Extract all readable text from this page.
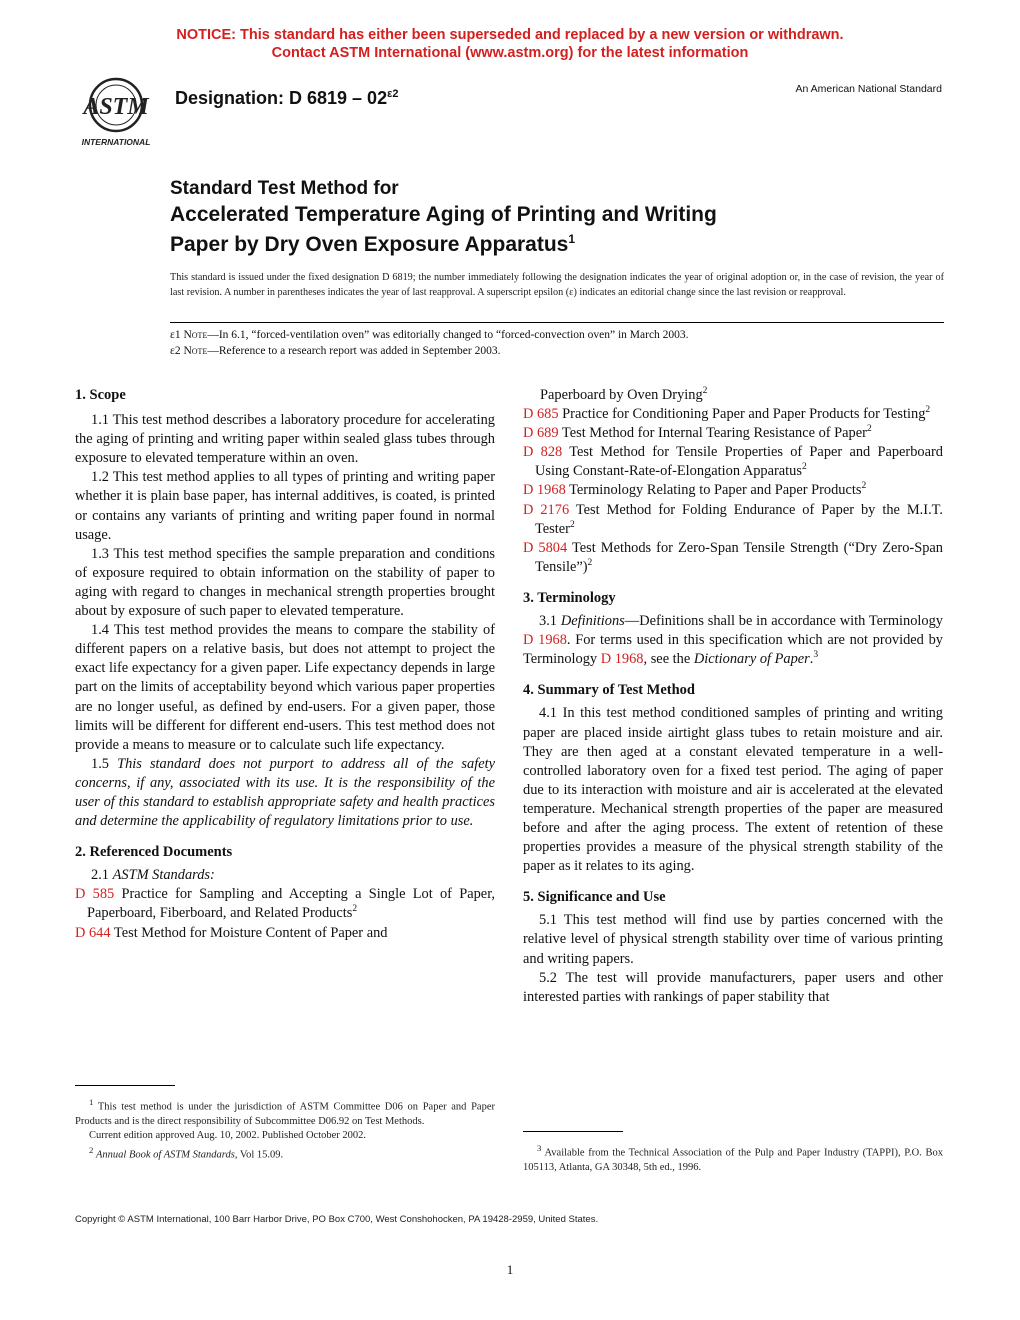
NOTICE: This standard has either been superseded and replaced by a new version or withdrawn.
Contact ASTM International (www.astm.org) for the latest information
ASTM
INTERNATIONAL
Designation: D $6819 - 02^{\varepsilon 2}$	An American National Standard
Standard Test Method for
Accelerated Temperature Aging of Printing and Writing
Paper by Dry Oven Exposure Apparatus$^1$
This standard is issued under the fixed designation D 6819; the number immediately following the designation indicates the year of original adoption or, in the case of revision, the year of last revision. A number in parentheses indicates the year of last reapproval. A superscript epsilon (ε) indicates an editorial change since the last revision or reapproval.
ε1 Note—In 6.1, “forced-ventilation oven” was editorially changed to “forced-convection oven” in March 2003.
ε2 Note—Reference to a research report was added in September 2003.
1. Scope

1.1 This test method describes a laboratory procedure for accelerating the aging of printing and writing paper within sealed glass tubes through exposure to elevated temperature within an oven.

1.2 This test method applies to all types of printing and writing paper whether it is plain base paper, has internal additives, is coated, is printed or contains any variants of printing and writing paper found in normal usage.

1.3 This test method specifies the sample preparation and conditions of exposure required to obtain information on the stability of paper to aging with regard to changes in mechanical strength properties brought about by exposure of such paper to elevated temperature.

1.4 This test method provides the means to compare the stability of different papers on a relative basis, but does not attempt to project the exact life expectancy for a given paper. Life expectancy depends in large part on the limits of acceptability beyond which various paper properties are no longer useful, as defined by end-users. For a given paper, those limits will be different for different end-users. This test method does not provide a means to measure or to calculate such life expectancy.

1.5 This standard does not purport to address all of the safety concerns, if any, associated with its use. It is the responsibility of the user of this standard to establish appropriate safety and health practices and determine the applicability of regulatory limitations prior to use.

2. Referenced Documents

2.1 ASTM Standards:

D 585 Practice for Sampling and Accepting a Single Lot of Paper, Paperboard, Fiberboard, and Related Products$^2$

D 644 Test Method for Moisture Content of Paper and

Paperboard by Oven Drying$^2$

D 685 Practice for Conditioning Paper and Paper Products for Testing$^2$

D 689 Test Method for Internal Tearing Resistance of Paper$^2$

D 828 Test Method for Tensile Properties of Paper and Paperboard Using Constant-Rate-of-Elongation Apparatus$^2$

D 1968 Terminology Relating to Paper and Paper Products$^2$

D 2176 Test Method for Folding Endurance of Paper by the M.I.T. Tester$^2$

D 5804 Test Methods for Zero-Span Tensile Strength (“Dry Zero-Span Tensile”)$^2$

3. Terminology

3.1 Definitions—Definitions shall be in accordance with Terminology D 1968. For terms used in this specification which are not provided by Terminology D 1968, see the Dictionary of Paper.$^3$

4. Summary of Test Method

4.1 In this test method conditioned samples of printing and writing paper are placed inside airtight glass tubes to retain moisture and air. They are then aged at a constant elevated temperature in a well-controlled laboratory oven for a fixed test period. The aging of paper due to its interaction with moisture and air is accelerated at the elevated temperature. Mechanical strength properties of the paper are measured before and after the aging process. The extent of retention of these properties provides a measure of the physical strength stability of the paper as it relates to its aging.

5. Significance and Use

5.1 This test method will find use by parties concerned with the relative level of physical strength stability over time of various printing and writing papers.

5.2 The test will provide manufacturers, paper users and other interested parties with rankings of paper stability that

$^1$ This test method is under the jurisdiction of ASTM Committee D06 on Paper and Paper Products and is the direct responsibility of Subcommittee D06.92 on Test Methods.

Current edition approved Aug. 10, 2002. Published October 2002.

$^2$ Annual Book of ASTM Standards, Vol 15.09.

$^3$ Available from the Technical Association of the Pulp and Paper Industry (TAPPI), P.O. Box 105113, Atlanta, GA 30348, 5th ed., 1996.

Copyright © ASTM International, 100 Barr Harbor Drive, PO Box C700, West Conshohocken, PA 19428-2959, United States.
1
